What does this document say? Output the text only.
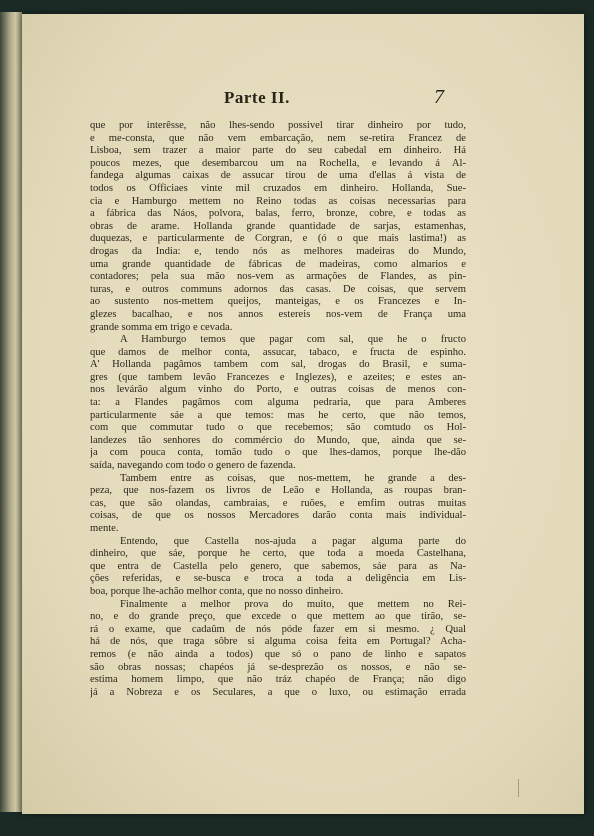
Parte II.	7
que por interêsse, não lhes-sendo possivel tirar dinheiro por tudo,
e me-consta, que não vem embarcação, nem se-retira Francez de
Lisboa, sem trazer a maior parte do seu cabedal em dinheiro. Há
poucos mezes, que desembarcou um na Rochella, e levando á Al-
fandega algumas caixas de assucar tirou de uma d'ellas á vista de
todos os Officiaes vinte mil cruzados em dinheiro. Hollanda, Sue-
cia e Hamburgo mettem no Reino todas as coisas necessarias para
a fábrica das Náos, polvora, balas, ferro, bronze, cobre, e todas as
obras de arame. Hollanda grande quantidade de sarjas, estamenhas,
duquezas, e particularmente de Corgran, e (ó o que mais lastima!) as
drogas da India: e, tendo nós as melhores madeiras do Mundo,
uma grande quantidade de fábricas de madeiras, como almarios e
contadores; pela sua mão nos-vem as armações de Flandes, as pin-
turas, e outros communs adornos das casas. De coisas, que servem
ao sustento nos-mettem queijos, manteigas, e os Francezes e In-
glezes bacalhao, e nos annos estereis nos-vem de França uma
grande somma em trigo e cevada.
A Hamburgo temos que pagar com sal, que he o fructo
que damos de melhor conta, assucar, tabaco, e fructa de espinho.
A' Hollanda pagâmos tambem com sal, drogas do Brasil, e suma-
gres (que tambem levão Francezes e Inglezes), e azeites; e estes an-
nos levárão algum vinho do Porto, e outras coisas de menos con-
ta: a Flandes pagâmos com alguma pedraria, que para Amberes
particularmente sáe a que temos: mas he certo, que não temos,
com que commutar tudo o que recebemos; são comtudo os Hol-
landezes tão senhores do commércio do Mundo, que, ainda que se-
ja com pouca conta, tomão tudo o que lhes-damos, porque lhe-dão
saída, navegando com todo o genero de fazenda.
Tambem entre as coisas, que nos-mettem, he grande a des-
peza, que nos-fazem os livros de Leão e Hollanda, as roupas bran-
cas, que são olandas, cambraias, e ruões, e emfim outras muitas
coisas, de que os nossos Mercadores darão conta mais individual-
mente.
Entendo, que Castella nos-ajuda a pagar alguma parte do
dinheiro, que sáe, porque he certo, que toda a moeda Castelhana,
que entra de Castella pelo genero, que sabemos, sáe para as Na-
ções referidas, e se-busca e troca a toda a deligência em Lis-
boa, porque lhe-achão melhor conta, que no nosso dinheiro.
Finalmente a melhor prova do muito, que mettem no Rei-
no, e do grande preço, que excede o que mettem ao que tirão, se-
rá o exame, que cadaûm de nós póde fazer em si mesmo. ¿ Qual
há de nós, que traga sôbre si alguma coisa feita em Portugal? Acha-
remos (e não ainda a todos) que só o pano de linho e sapatos
são obras nossas; chapéos já se-desprezão os nossos, e não se-
estima homem limpo, que não tráz chapéo de França; não digo
já a Nobreza e os Seculares, a que o luxo, ou estimação errada
